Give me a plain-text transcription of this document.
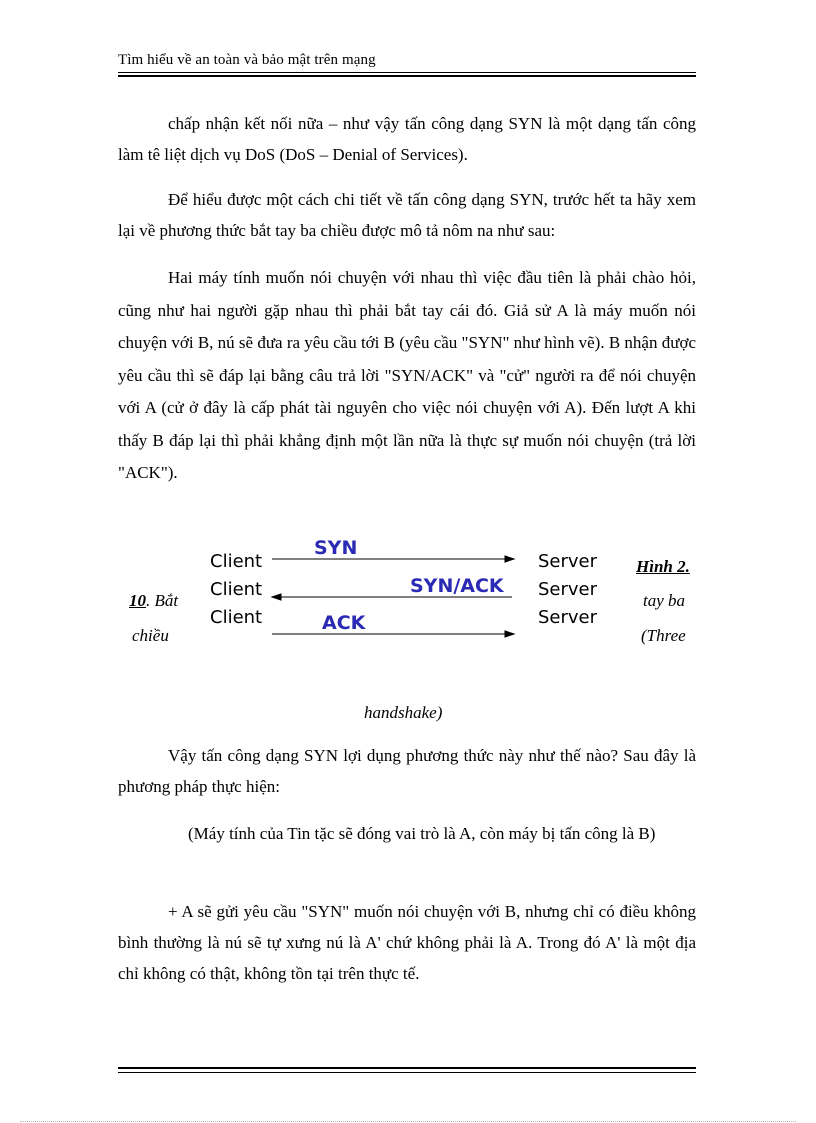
Tìm hiểu về an toàn và bảo mật trên mạng
chấp nhận kết nối nữa – như vậy tấn công dạng SYN là một dạng tấn công làm tê liệt dịch vụ DoS (DoS – Denial of Services).
Để hiểu được một cách chi tiết về tấn công dạng SYN, trước hết ta hãy xem lại về phương thức bắt tay ba chiều được mô tả nôm na như sau:
Hai máy tính muốn nói chuyện với nhau thì việc đầu tiên là phải chào hỏi, cũng như hai người gặp nhau thì phải bắt tay cái đó. Giả sử A là máy muốn nói chuyện với B, nú sẽ đưa ra yêu cầu tới B (yêu cầu "SYN" như hình vẽ). B nhận được yêu cầu thì sẽ đáp lại bằng câu trả lời "SYN/ACK" và "cử" người ra để nói chuyện với A (cử ở đây là cấp phát tài nguyên cho việc nói chuyện với A). Đến lượt A khi thấy B đáp lại thì phải khẳng định một lần nữa là thực sự muốn nói chuyện (trả lời "ACK").
Client
Client
Client
Server
Server
Server
SYN
SYN/ACK
ACK
10. Bắt
chiều
Hình 2.
tay ba
(Three
handshake)
Vậy tấn công dạng SYN lợi dụng phương thức này như thế nào? Sau đây là phương pháp thực hiện:
(Máy tính của Tin tặc sẽ đóng vai trò là A, còn máy bị tấn công là B)
+ A sẽ gửi yêu cầu "SYN" muốn nói chuyện với B, nhưng chỉ có điều không bình thường là nú sẽ tự xưng nú là A' chứ không phải là A. Trong đó A' là một địa chỉ không có thật, không tồn tại trên thực tế.
